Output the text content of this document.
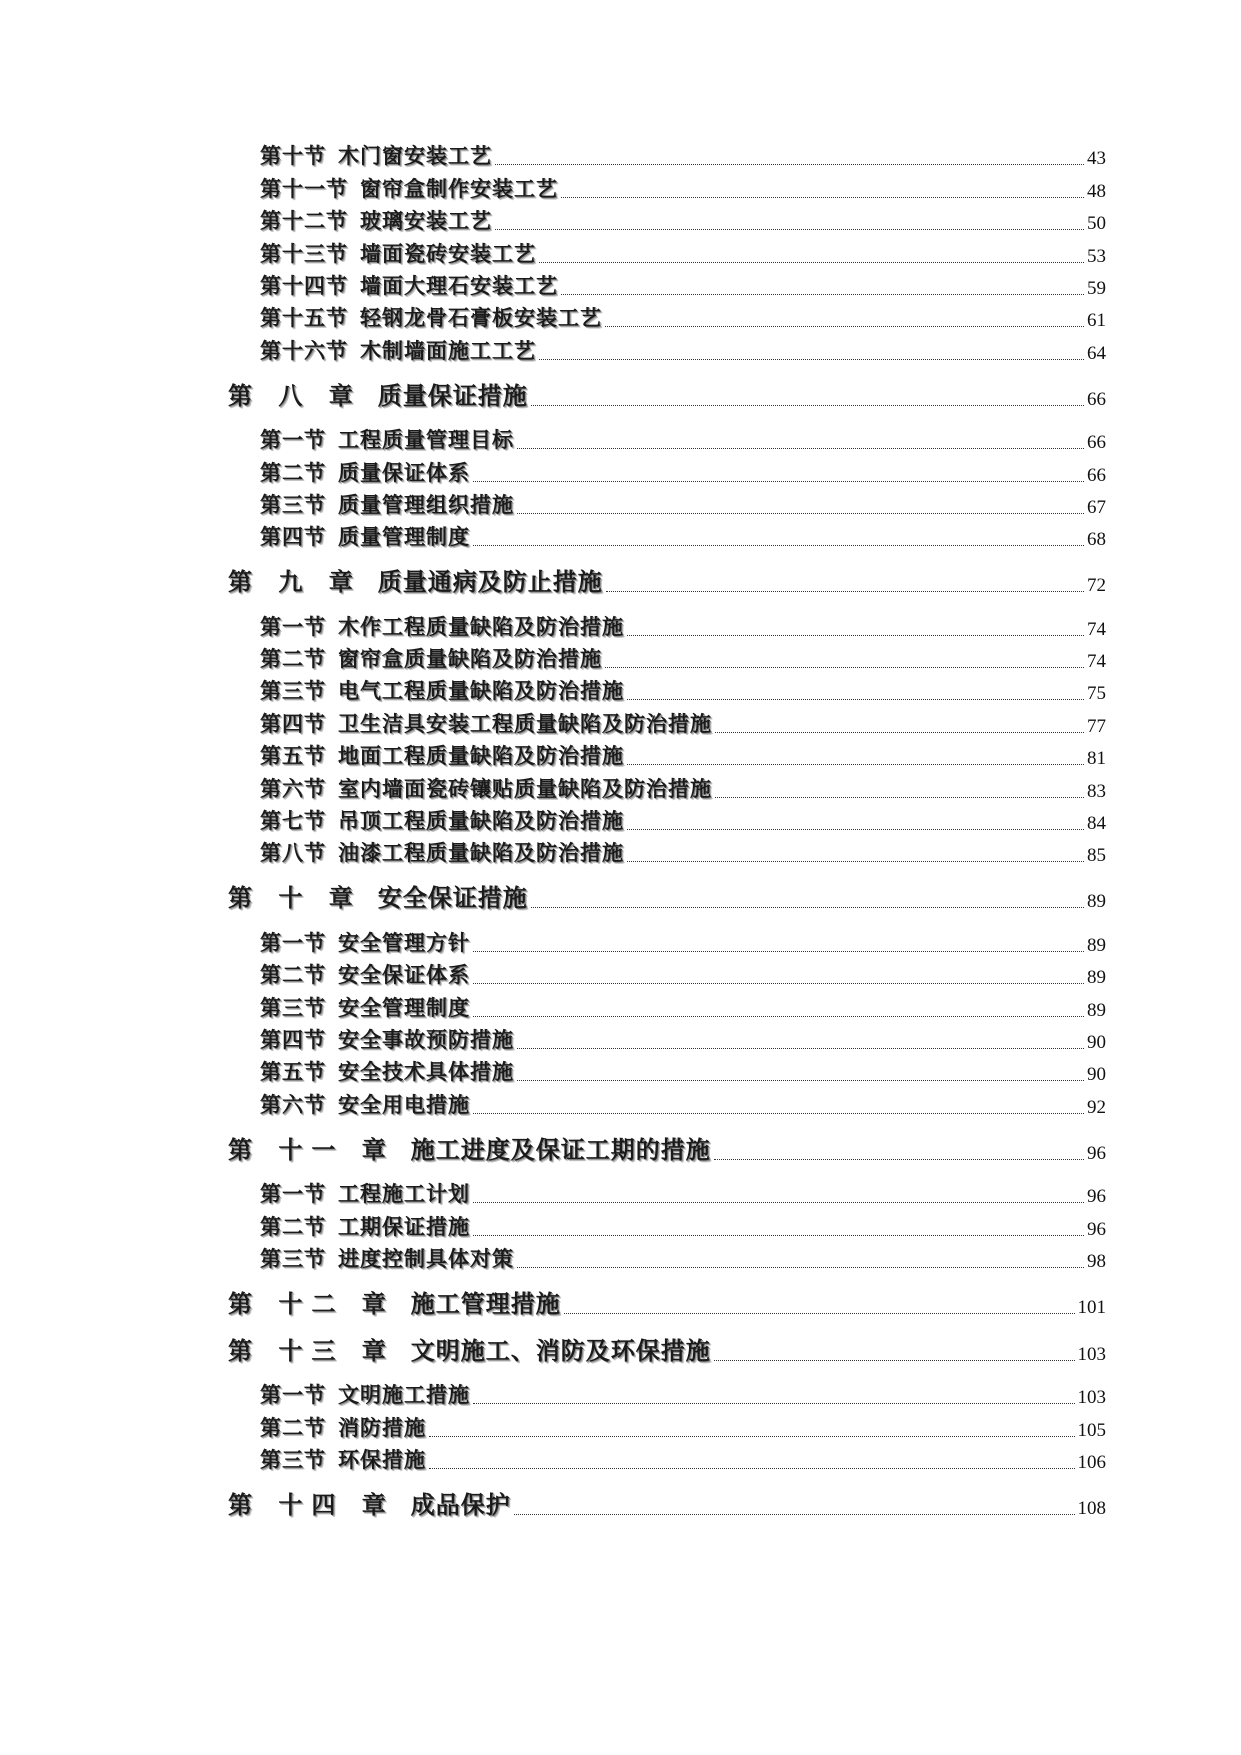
第十节 木门窗安装工艺	43
第十一节 窗帘盒制作安装工艺	48
第十二节 玻璃安装工艺	50
第十三节 墙面瓷砖安装工艺	53
第十四节 墙面大理石安装工艺	59
第十五节 轻钢龙骨石膏板安装工艺	61
第十六节 木制墙面施工工艺	64
第 八 章 质量保证措施	66
第一节 工程质量管理目标	66
第二节 质量保证体系	66
第三节 质量管理组织措施	67
第四节 质量管理制度	68
第 九 章 质量通病及防止措施	72
第一节 木作工程质量缺陷及防治措施	74
第二节 窗帘盒质量缺陷及防治措施	74
第三节 电气工程质量缺陷及防治措施	75
第四节 卫生洁具安装工程质量缺陷及防治措施	77
第五节 地面工程质量缺陷及防治措施	81
第六节 室内墙面瓷砖镶贴质量缺陷及防治措施	83
第七节 吊顶工程质量缺陷及防治措施	84
第八节 油漆工程质量缺陷及防治措施	85
第 十 章 安全保证措施	89
第一节 安全管理方针	89
第二节 安全保证体系	89
第三节 安全管理制度	89
第四节 安全事故预防措施	90
第五节 安全技术具体措施	90
第六节 安全用电措施	92
第 十一 章 施工进度及保证工期的措施	96
第一节 工程施工计划	96
第二节 工期保证措施	96
第三节 进度控制具体对策	98
第 十二 章 施工管理措施	101
第 十三 章 文明施工、消防及环保措施	103
第一节 文明施工措施	103
第二节 消防措施	105
第三节 环保措施	106
第 十四 章 成品保护	108
